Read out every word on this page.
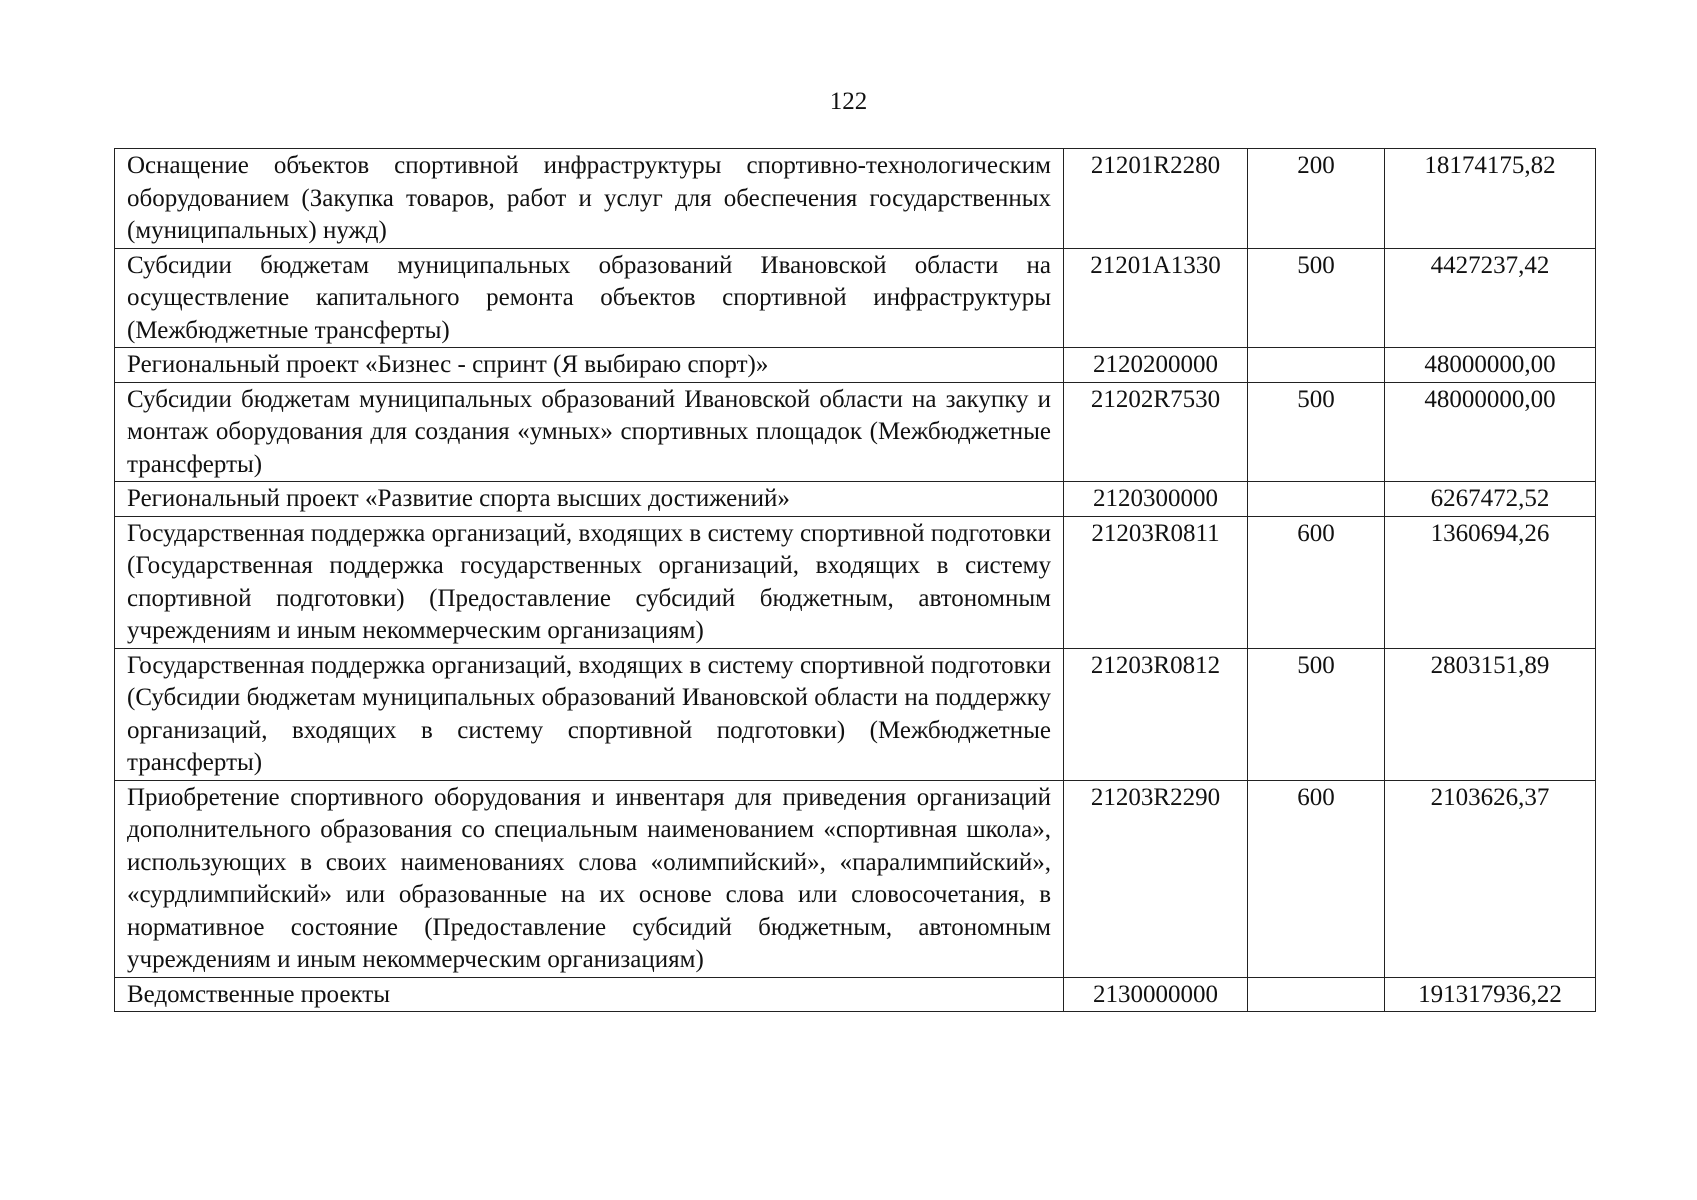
122
Оснащение объектов спортивной инфраструктуры спортивно-технологическим оборудованием (Закупка товаров, работ и услуг для обеспечения государственных (муниципальных) нужд)	21201R2280	200	18174175,82
Субсидии бюджетам муниципальных образований Ивановской области на осуществление капитального ремонта объектов спортивной инфраструктуры (Межбюджетные трансферты)	21201A1330	500	4427237,42
Региональный проект «Бизнес - спринт (Я выбираю спорт)»	2120200000		48000000,00
Субсидии бюджетам муниципальных образований Ивановской области на закупку и монтаж оборудования для создания «умных» спортивных площадок (Межбюджетные трансферты)	21202R7530	500	48000000,00
Региональный проект «Развитие спорта высших достижений»	2120300000		6267472,52
Государственная поддержка организаций, входящих в систему спортивной подготовки (Государственная поддержка государственных организаций, входящих в систему спортивной подготовки) (Предоставление субсидий бюджетным, автономным учреждениям и иным некоммерческим организациям)	21203R0811	600	1360694,26
Государственная поддержка организаций, входящих в систему спортивной подготовки (Субсидии бюджетам муниципальных образований Ивановской области на поддержку организаций, входящих в систему спортивной подготовки) (Межбюджетные трансферты)	21203R0812	500	2803151,89
Приобретение спортивного оборудования и инвентаря для приведения организаций дополнительного образования со специальным наименованием «спортивная школа», использующих в своих наименованиях слова «олимпийский», «паралимпийский», «сурдлимпийский» или образованные на их основе слова или словосочетания, в нормативное состояние (Предоставление субсидий бюджетным, автономным учреждениям и иным некоммерческим организациям)	21203R2290	600	2103626,37
Ведомственные проекты	2130000000		191317936,22
